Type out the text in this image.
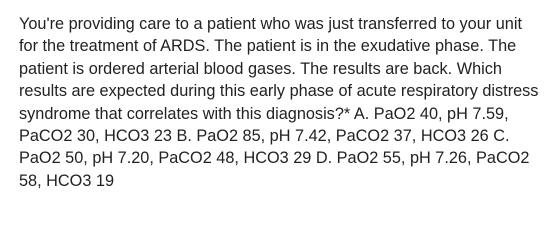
You're providing care to a patient who was just transferred to your unit for the treatment of ARDS. The patient is in the exudative phase. The patient is ordered arterial blood gases. The results are back. Which results are expected during this early phase of acute respiratory distress syndrome that correlates with this diagnosis?* A. PaO2 40, pH 7.59, PaCO2 30, HCO3 23 B. PaO2 85, pH 7.42, PaCO2 37, HCO3 26 C. PaO2 50, pH 7.20, PaCO2 48, HCO3 29 D. PaO2 55, pH 7.26, PaCO2 58, HCO3 19
